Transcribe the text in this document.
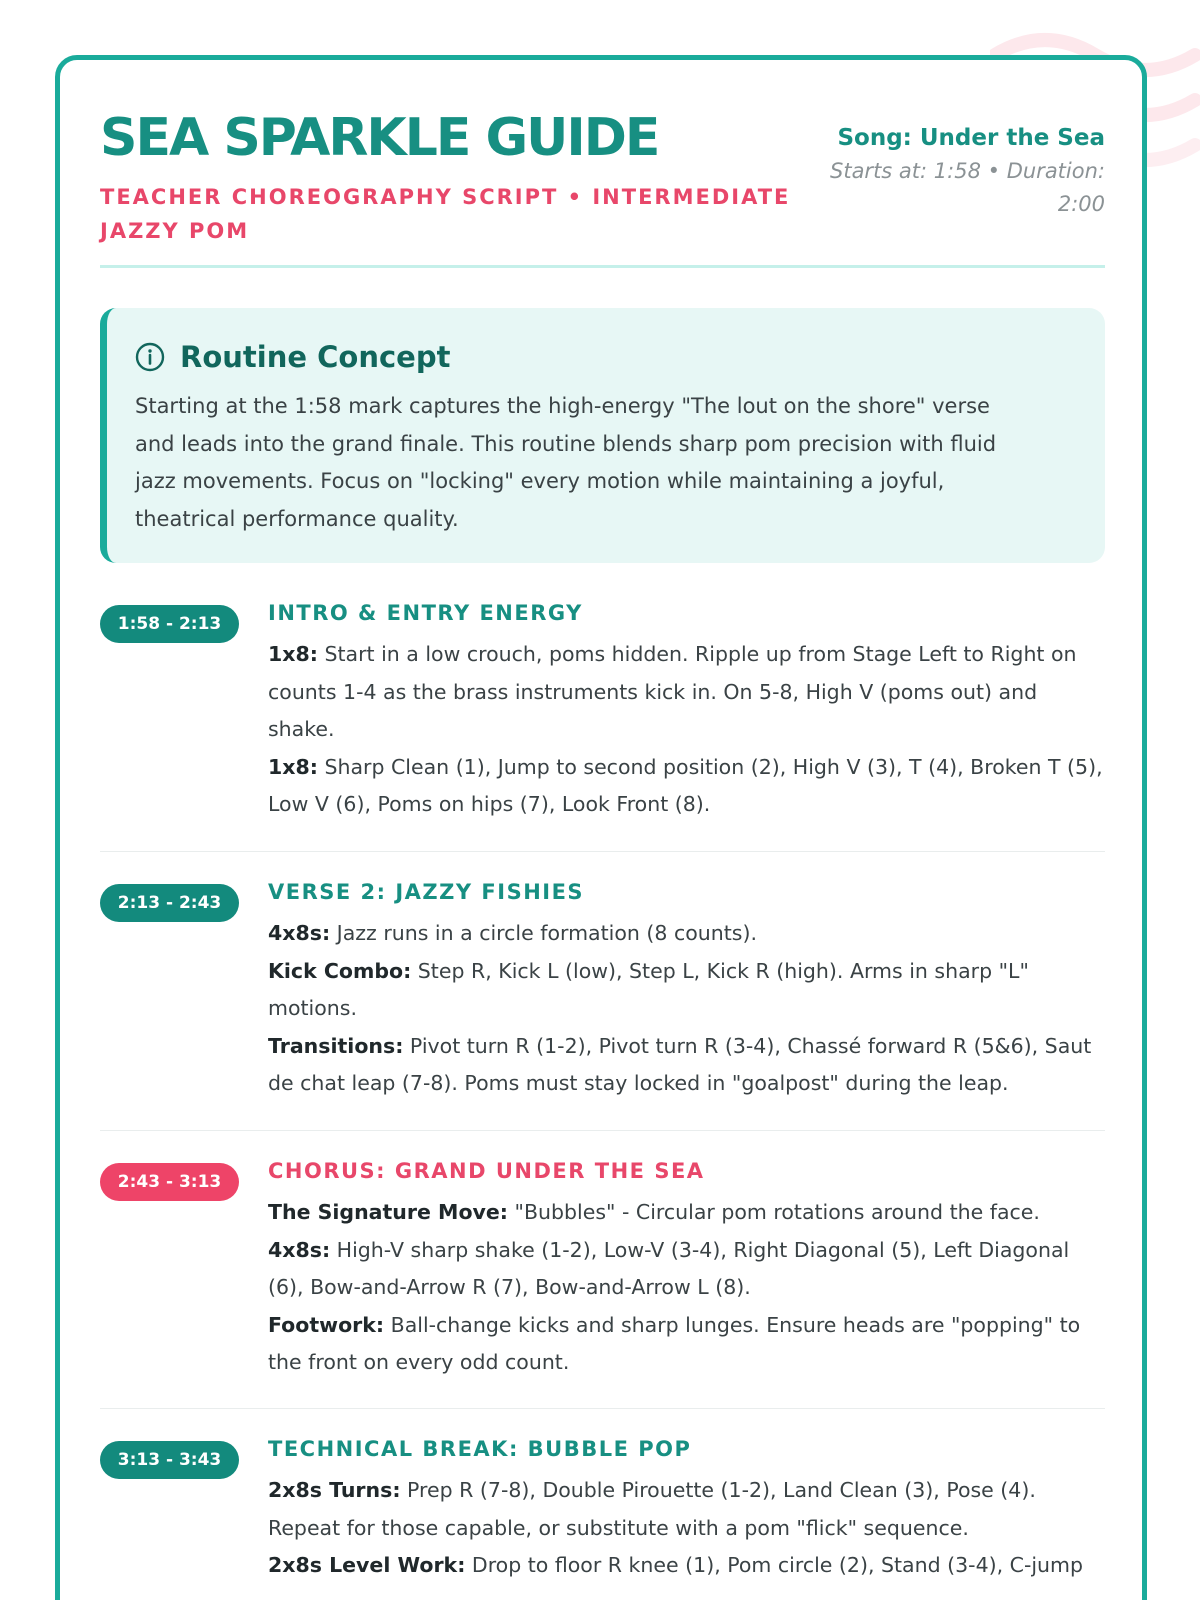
SEA SPARKLE GUIDE
TEACHER CHOREOGRAPHY SCRIPT • INTERMEDIATE JAZZY POM
Song: Under the Sea
Starts at: 1:58 • Duration: 2:00
Routine Concept
Starting at the 1:58 mark captures the high-energy "The lout on the shore" verse and leads into the grand finale. This routine blends sharp pom precision with fluid jazz movements. Focus on "locking" every motion while maintaining a joyful, theatrical performance quality.
1:58 - 2:13	INTRO & ENTRY ENERGY
1x8: Start in a low crouch, poms hidden. Ripple up from Stage Left to Right on counts 1-4 as the brass instruments kick in. On 5-8, High V (poms out) and shake.
1x8: Sharp Clean (1), Jump to second position (2), High V (3), T (4), Broken T (5), Low V (6), Poms on hips (7), Look Front (8).
2:13 - 2:43	VERSE 2: JAZZY FISHIES
4x8s: Jazz runs in a circle formation (8 counts).
Kick Combo: Step R, Kick L (low), Step L, Kick R (high). Arms in sharp "L" motions.
Transitions: Pivot turn R (1-2), Pivot turn R (3-4), Chassé forward R (5&6), Saut de chat leap (7-8). Poms must stay locked in "goalpost" during the leap.
2:43 - 3:13	CHORUS: GRAND UNDER THE SEA
The Signature Move: "Bubbles" - Circular pom rotations around the face.
4x8s: High-V sharp shake (1-2), Low-V (3-4), Right Diagonal (5), Left Diagonal (6), Bow-and-Arrow R (7), Bow-and-Arrow L (8).
Footwork: Ball-change kicks and sharp lunges. Ensure heads are "popping" to the front on every odd count.
3:13 - 3:43	TECHNICAL BREAK: BUBBLE POP
2x8s Turns: Prep R (7-8), Double Pirouette (1-2), Land Clean (3), Pose (4). Repeat for those capable, or substitute with a pom "flick" sequence.
2x8s Level Work: Drop to floor R knee (1), Pom circle (2), Stand (3-4), C-jump
